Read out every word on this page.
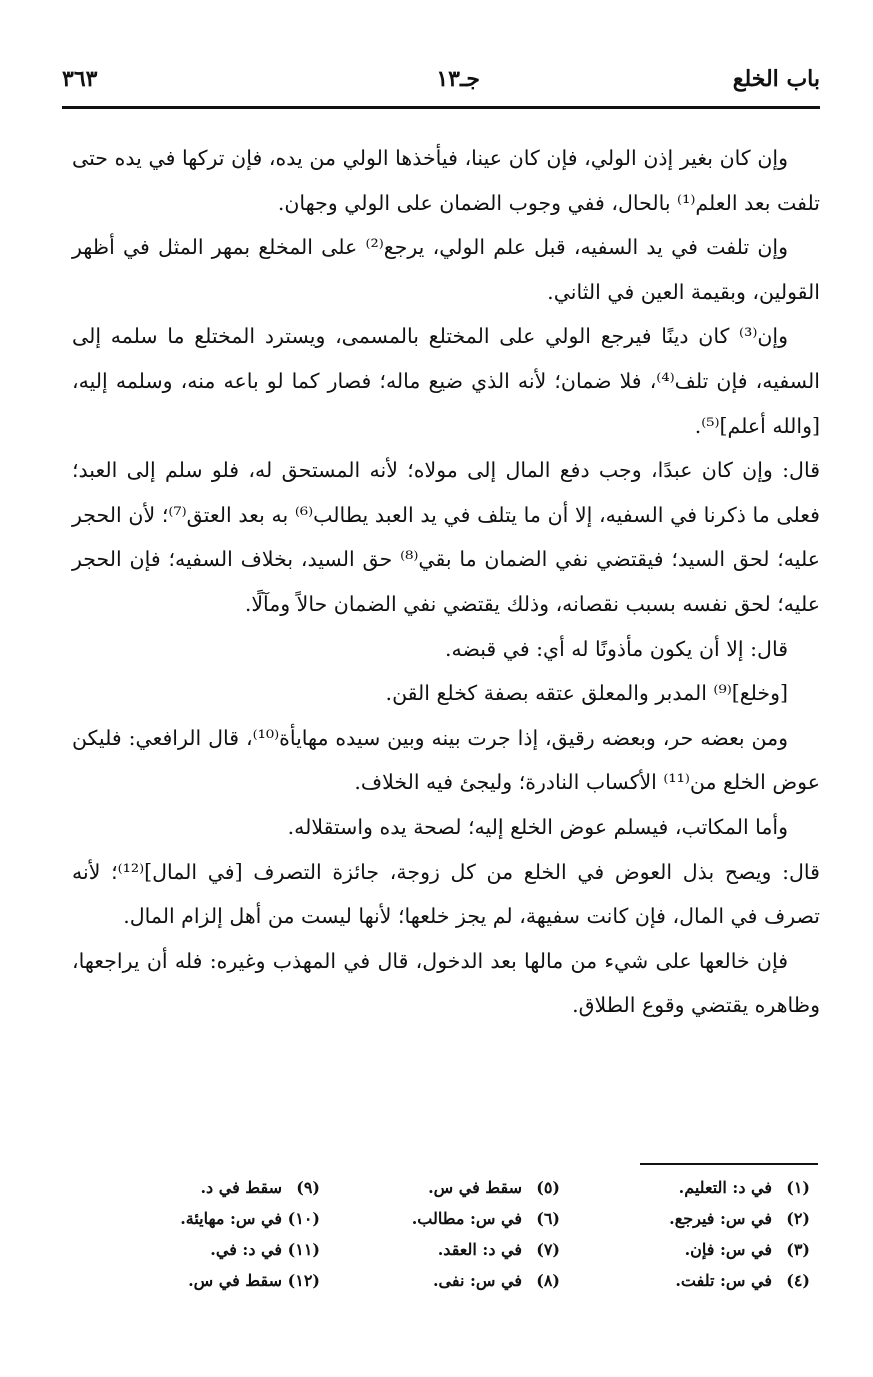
باب الخلع
جـ١٣
٣٦٣

وإن كان بغير إذن الولي، فإن كان عينا، فيأخذها الولي من يده، فإن تركها في يده حتى تلفت بعد العلم⁽¹⁾ بالحال، ففي وجوب الضمان على الولي وجهان.

وإن تلفت في يد السفيه، قبل علم الولي، يرجع⁽²⁾ على المخلع بمهر المثل في أظهر القولين، وبقيمة العين في الثاني.

وإن⁽³⁾ كان دينًا فيرجع الولي على المختلع بالمسمى، ويسترد المختلع ما سلمه إلى السفيه، فإن تلف⁽⁴⁾، فلا ضمان؛ لأنه الذي ضيع ماله؛ فصار كما لو باعه منه، وسلمه إليه، [والله أعلم]⁽⁵⁾.

قال: وإن كان عبدًا، وجب دفع المال إلى مولاه؛ لأنه المستحق له، فلو سلم إلى العبد؛ فعلى ما ذكرنا في السفيه، إلا أن ما يتلف في يد العبد يطالب⁽⁶⁾ به بعد العتق⁽⁷⁾؛ لأن الحجر عليه؛ لحق السيد؛ فيقتضي نفي الضمان ما بقي⁽⁸⁾ حق السيد، بخلاف السفيه؛ فإن الحجر عليه؛ لحق نفسه بسبب نقصانه، وذلك يقتضي نفي الضمان حالاً ومآلًا.

قال: إلا أن يكون مأذونًا له أي: في قبضه.

[وخلع]⁽⁹⁾ المدبر والمعلق عتقه بصفة كخلع القن.

ومن بعضه حر، وبعضه رقيق، إذا جرت بينه وبين سيده مهايأة⁽¹⁰⁾، قال الرافعي: فليكن عوض الخلع من⁽¹¹⁾ الأكساب النادرة؛ وليجئ فيه الخلاف.

وأما المكاتب، فيسلم عوض الخلع إليه؛ لصحة يده واستقلاله.

قال: ويصح بذل العوض في الخلع من كل زوجة، جائزة التصرف [في المال]⁽¹²⁾؛ لأنه تصرف في المال، فإن كانت سفيهة، لم يجز خلعها؛ لأنها ليست من أهل إلزام المال.

فإن خالعها على شيء من مالها بعد الدخول، قال في المهذب وغيره: فله أن يراجعها، وظاهره يقتضي وقوع الطلاق.

(١)في د: التعليم.
(٢)في س: فيرجع.
(٣)في س: فإن.
(٤)في س: تلفت.
(٥)سقط في س.
(٦)في س: مطالب.
(٧)في د: العقد.
(٨)في س: نفى.
(٩)سقط في د.
(١٠)في س: مهايئة.
(١١)في د: في.
(١٢)سقط في س.
